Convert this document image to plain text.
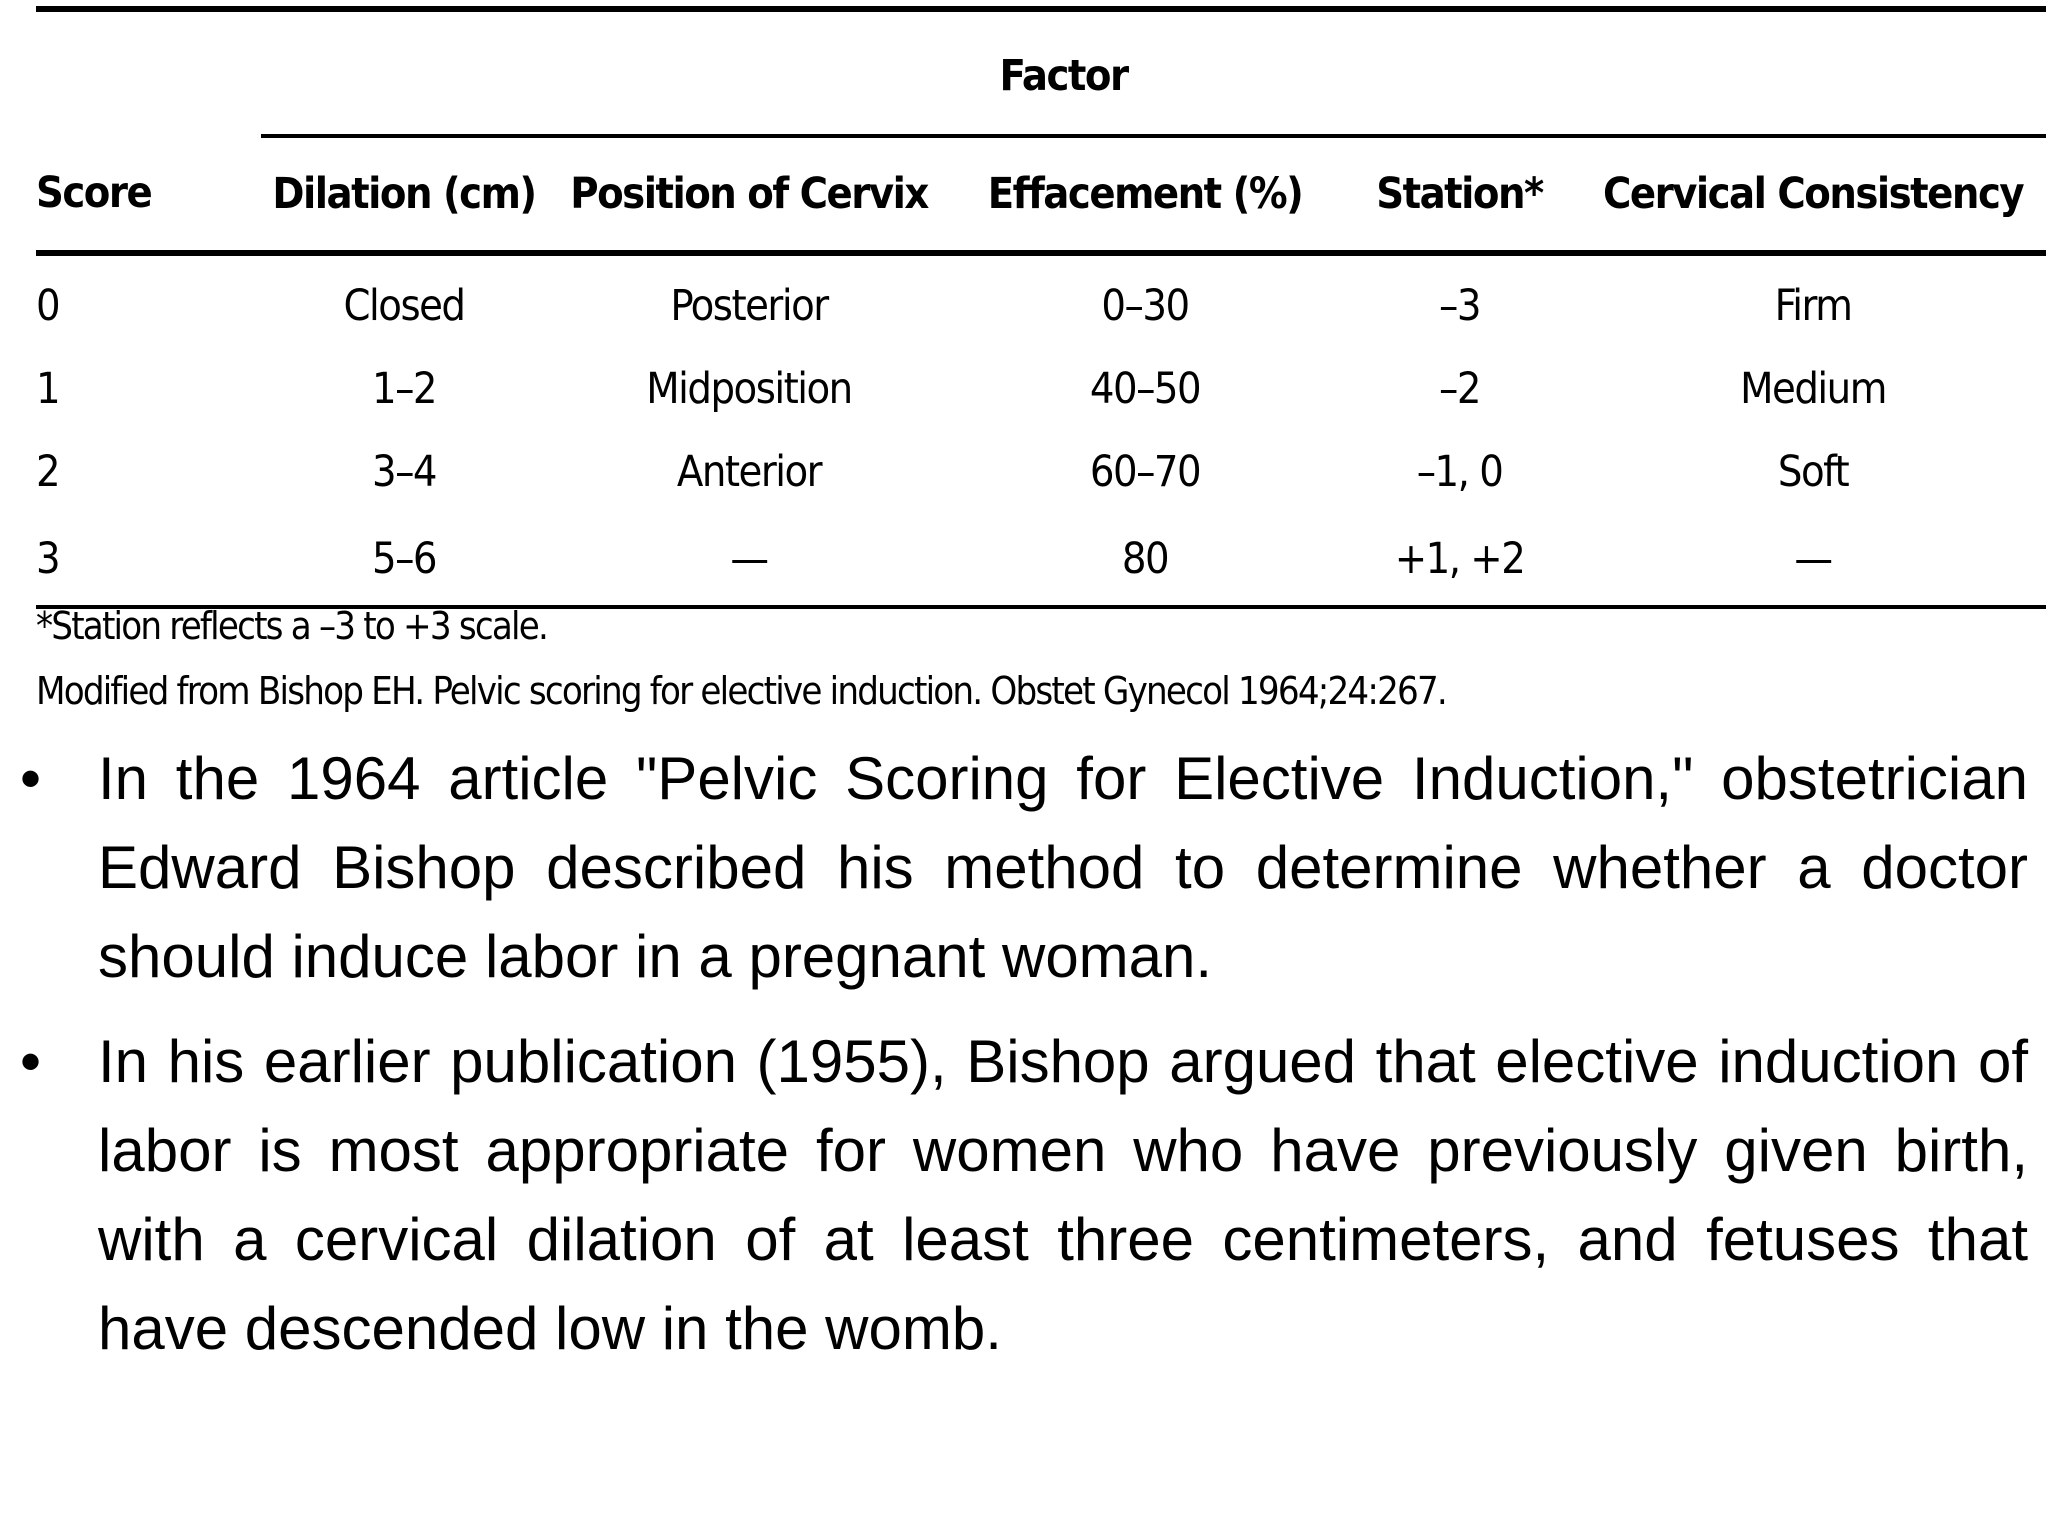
	Factor				
Score	Dilation (cm)	Position of Cervix	Effacement (%)	Station*	Cervical Consistency
0	Closed	Posterior	0–30	–3	Firm
1	1–2	Midposition	40–50	–2	Medium
2	3–4	Anterior	60–70	–1, 0	Soft
3	5–6	—	80	+1, +2	—
*Station reflects a –3 to +3 scale.
Modified from Bishop EH. Pelvic scoring for elective induction. Obstet Gynecol 1964;24:267.
• In the 1964 article "Pelvic Scoring for Elective Induction," obstetrician Edward Bishop described his method to determine whether a doctor should induce labor in a pregnant woman.
• In his earlier publication (1955), Bishop argued that elective induction of labor is most appropriate for women who have previously given birth, with a cervical dilation of at least three centimeters, and fetuses that have descended low in the womb.
